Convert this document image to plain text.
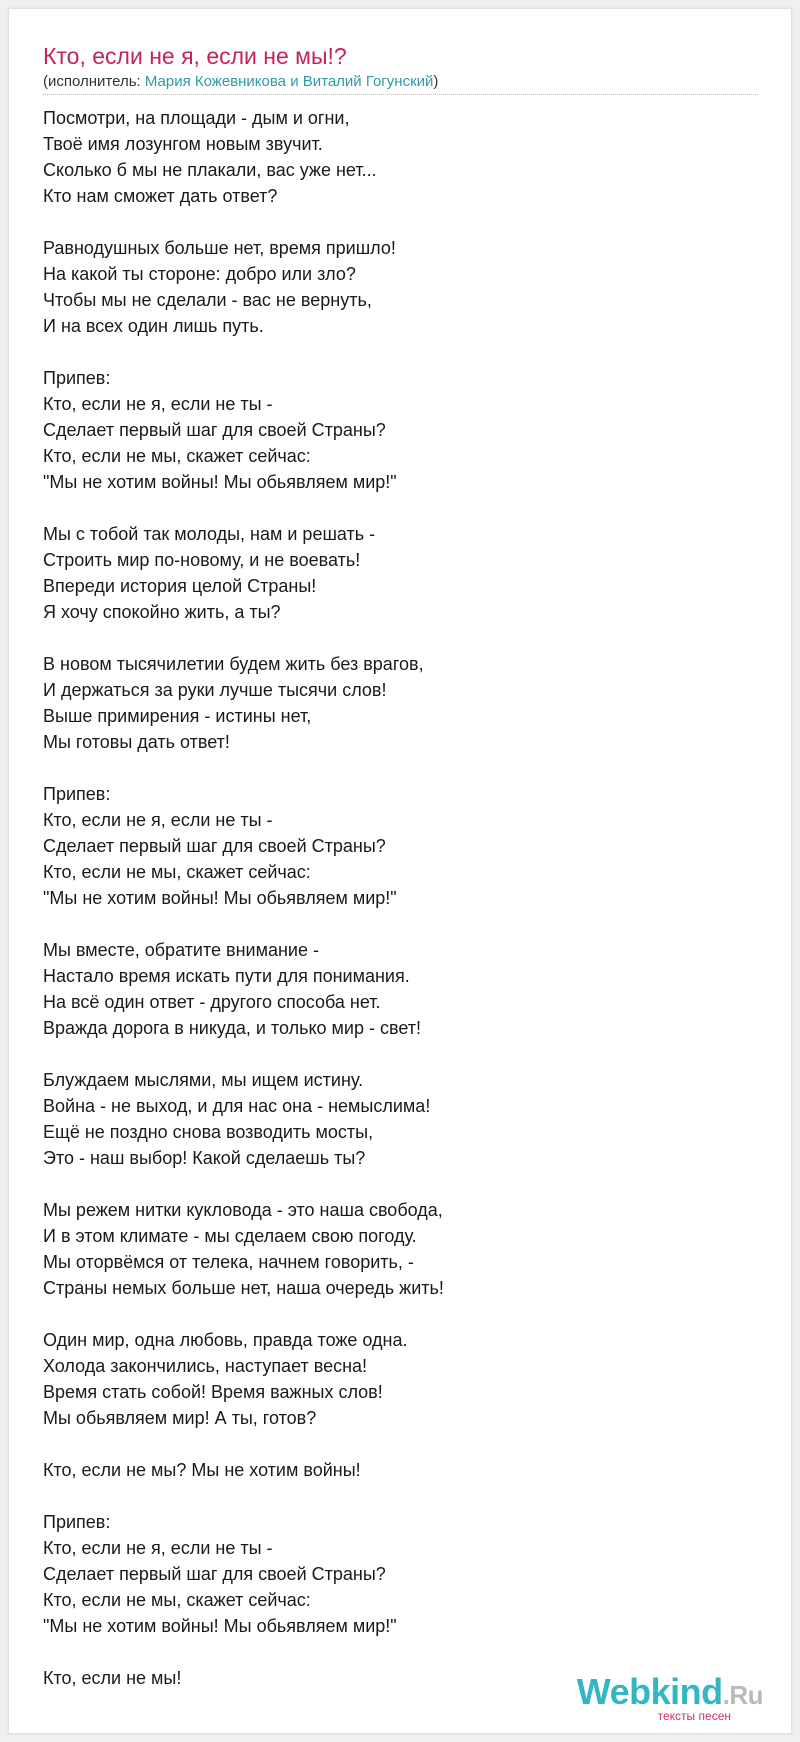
Кто, если не я, если не мы!?
(исполнитель: Мария Кожевникова и Виталий Гогунский)
Посмотри, на площади - дым и огни,
Твоё имя лозунгом новым звучит.
Сколько б мы не плакали, вас уже нет...
Кто нам сможет дать ответ?
Равнодушных больше нет, время пришло!
На какой ты стороне: добро или зло?
Чтобы мы не сделали - вас не вернуть,
И на всех один лишь путь.
Припев:
Кто, если не я, если не ты -
Сделает первый шаг для своей Страны?
Кто, если не мы, скажет сейчас:
"Мы не хотим войны! Мы обьявляем мир!"
Мы с тобой так молоды, нам и решать -
Строить мир по-новому, и не воевать!
Впереди история целой Страны!
Я хочу спокойно жить, а ты?
В новом тысячилетии будем жить без врагов,
И держаться за руки лучше тысячи слов!
Выше примирения - истины нет,
Мы готовы дать ответ!
Припев:
Кто, если не я, если не ты -
Сделает первый шаг для своей Страны?
Кто, если не мы, скажет сейчас:
"Мы не хотим войны! Мы обьявляем мир!"
Мы вместе, обратите внимание -
Настало время искать пути для понимания.
На всё один ответ - другого способа нет.
Вражда дорога в никуда, и только мир - свет!
Блуждаем мыслями, мы ищем истину.
Война - не выход, и для нас она - немыслима!
Ещё не поздно снова возводить мосты,
Это - наш выбор! Какой сделаешь ты?
Мы режем нитки кукловода - это наша свобода,
И в этом климате - мы сделаем свою погоду.
Мы оторвёмся от телека, начнем говорить, -
Страны немых больше нет, наша очередь жить!
Один мир, одна любовь, правда тоже одна.
Холода закончились, наступает весна!
Время стать собой! Время важных слов!
Мы обьявляем мир! А ты, готов?
Кто, если не мы? Мы не хотим войны!
Припев:
Кто, если не я, если не ты -
Сделает первый шаг для своей Страны?
Кто, если не мы, скажет сейчас:
"Мы не хотим войны! Мы обьявляем мир!"
Кто, если не мы!	Webkind.Ru
тексты песен
